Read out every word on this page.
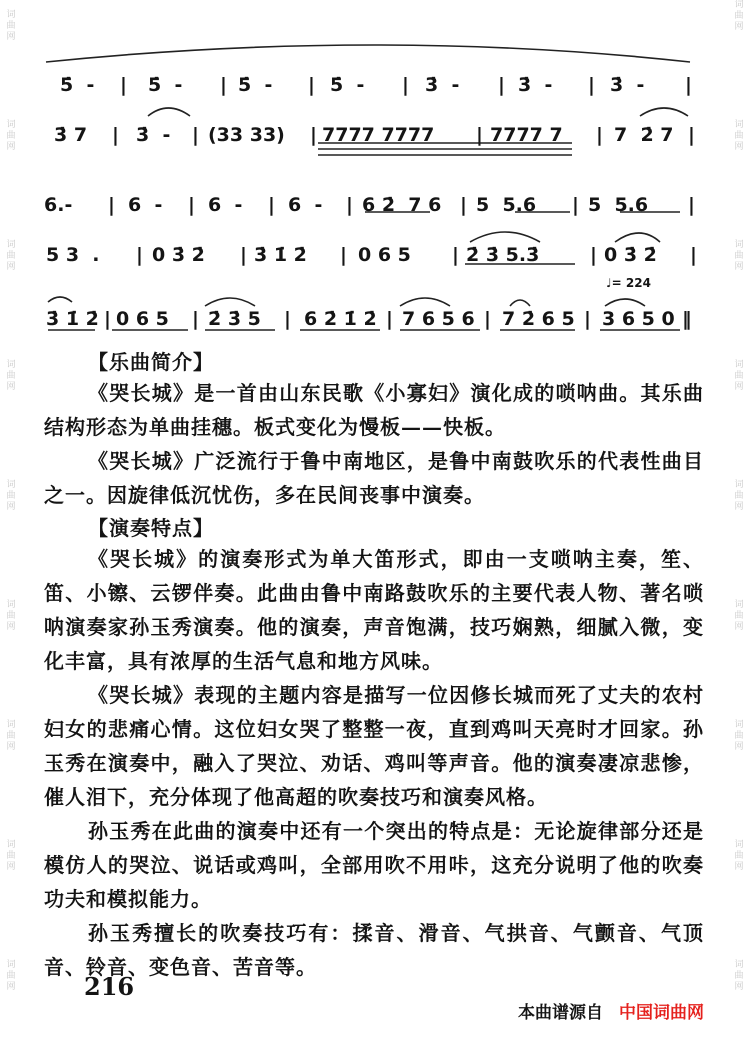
词
曲
网
词
曲
网
词
曲
网
词
曲
网
词
曲
网
词
曲
网
词
曲
网
词
曲
网
词
曲
网
词
曲
网
词
曲
网
词
曲
网
词
曲
网
词
曲
网
词
曲
网
词
曲
网
词
曲
网
词
曲
网
5̇  - | 5̇  - | 5̇  - | 5̇  - | 3̇  - | 3̇  - | 3̇  - |
3̇ 7 | 3̇  - | (33 33) | 7777 7777 | 7777 7 | 7  2̇ 7 |
6.- | 6  - | 6  - | 6  - | 6 2̇  7 6 | 5  5.6 | 5  5.6 |
5 3  . | 0 3̇ 2̇ | 3̇ 1̇ 2̇ | 0 6 5 | 2̇ 3̇ 5.3̇	| 0 3̇ 2̇ |
♩= 224
3̇ 1̇ 2̇ | 0 6 5 | 2̇ 3̇ 5 | 6 2̇ 1̇ 2̇ | 7 6 5 6 | 7 2̇ 6 5 | 3 6 5 0 ‖
【乐曲简介】

《哭长城》是一首由山东民歌《小寡妇》演化成的唢呐曲。其乐曲结构形态为单曲挂穗。板式变化为慢板——快板。

《哭长城》广泛流行于鲁中南地区，是鲁中南鼓吹乐的代表性曲目之一。因旋律低沉忧伤，多在民间丧事中演奏。

【演奏特点】

《哭长城》的演奏形式为单大笛形式，即由一支唢呐主奏，笙、笛、小镲、云锣伴奏。此曲由鲁中南路鼓吹乐的主要代表人物、著名唢呐演奏家孙玉秀演奏。他的演奏，声音饱满，技巧娴熟，细腻入微，变化丰富，具有浓厚的生活气息和地方风味。

《哭长城》表现的主题内容是描写一位因修长城而死了丈夫的农村妇女的悲痛心情。这位妇女哭了整整一夜，直到鸡叫天亮时才回家。孙玉秀在演奏中，融入了哭泣、劝话、鸡叫等声音。他的演奏凄凉悲惨，催人泪下，充分体现了他高超的吹奏技巧和演奏风格。

孙玉秀在此曲的演奏中还有一个突出的特点是：无论旋律部分还是模仿人的哭泣、说话或鸡叫，全部用吹不用咔，这充分说明了他的吹奏功夫和模拟能力。

孙玉秀擅长的吹奏技巧有：揉音、滑音、气拱音、气颤音、气顶音、铃音、变色音、苦音等。

216
本曲谱源自 中国词曲网
